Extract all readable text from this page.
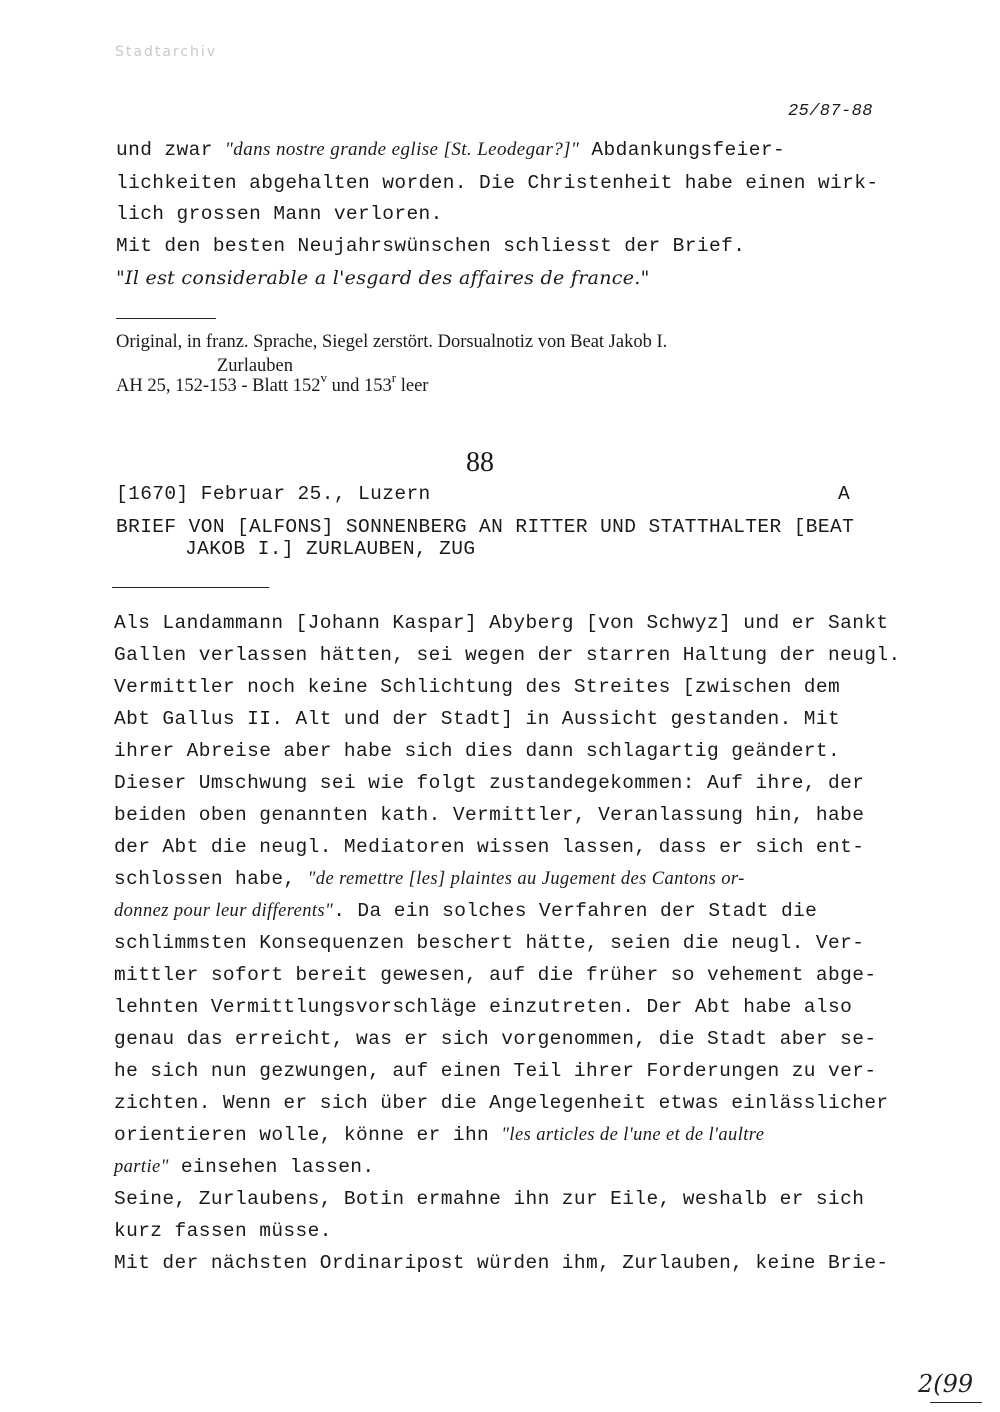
Stadtarchiv
25/87-88
und zwar "dans nostre grande eglise [St. Leodegar?]" Abdankungsfeier-
lichkeiten abgehalten worden. Die Christenheit habe einen wirk-
lich grossen Mann verloren.
Mit den besten Neujahrswünschen schliesst der Brief.
"Il est considerable a l'esgard des affaires de france."
Original, in franz. Sprache, Siegel zerstört. Dorsualnotiz von Beat Jakob I.
Zurlauben
AH 25, 152-153 - Blatt 152$^v$ und 153$^r$ leer
88
[1670] Februar 25., Luzern	A
BRIEF VON [ALFONS] SONNENBERG AN RITTER UND STATTHALTER [BEAT
JAKOB I.] ZURLAUBEN, ZUG
Als Landammann [Johann Kaspar] Abyberg [von Schwyz] und er Sankt
Gallen verlassen hätten, sei wegen der starren Haltung der neugl.
Vermittler noch keine Schlichtung des Streites [zwischen dem
Abt Gallus II. Alt und der Stadt] in Aussicht gestanden. Mit
ihrer Abreise aber habe sich dies dann schlagartig geändert.
Dieser Umschwung sei wie folgt zustandegekommen: Auf ihre, der
beiden oben genannten kath. Vermittler, Veranlassung hin, habe
der Abt die neugl. Mediatoren wissen lassen, dass er sich ent-
schlossen habe, "de remettre [les] plaintes au Jugement des Cantons or-
donnez pour leur differents". Da ein solches Verfahren der Stadt die
schlimmsten Konsequenzen beschert hätte, seien die neugl. Ver-
mittler sofort bereit gewesen, auf die früher so vehement abge-
lehnten Vermittlungsvorschläge einzutreten. Der Abt habe also
genau das erreicht, was er sich vorgenommen, die Stadt aber se-
he sich nun gezwungen, auf einen Teil ihrer Forderungen zu ver-
zichten. Wenn er sich über die Angelegenheit etwas einlässlicher
orientieren wolle, könne er ihn "les articles de l'une et de l'aultre
partie" einsehen lassen.
Seine, Zurlaubens, Botin ermahne ihn zur Eile, weshalb er sich
kurz fassen müsse.
Mit der nächsten Ordinaripost würden ihm, Zurlauben, keine Brie-
2(99
